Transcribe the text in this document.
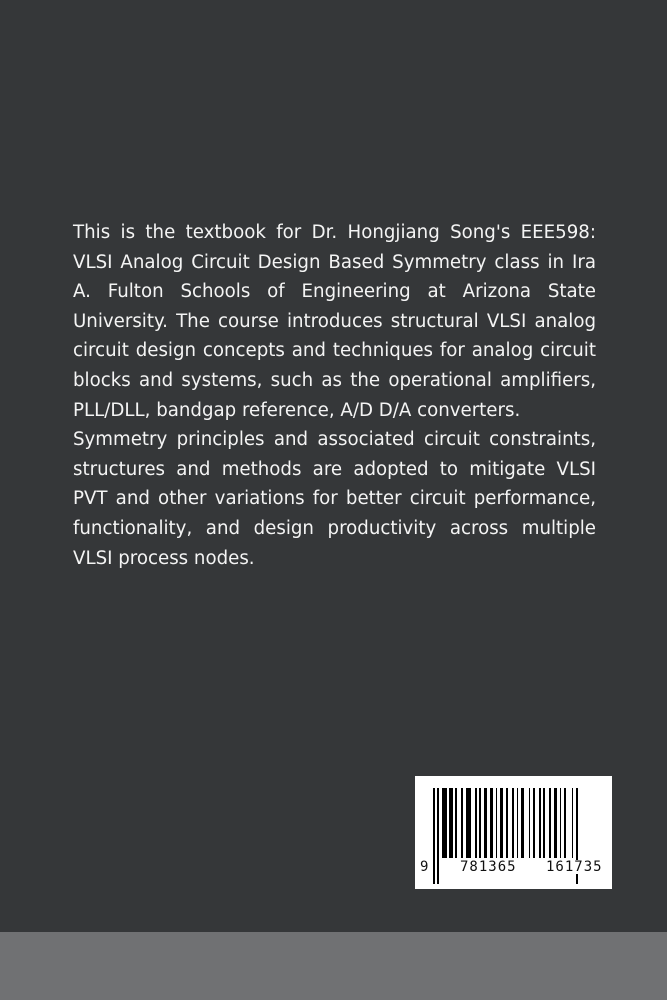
This is the textbook for Dr. Hongjiang Song's EEE598: VLSI Analog Circuit Design Based Symmetry class in Ira A. Fulton Schools of Engineering at Arizona State University. The course introduces structural VLSI analog circuit design concepts and techniques for analog circuit blocks and systems, such as the operational amplifiers, PLL/DLL, bandgap reference, A/D D/A converters.

Symmetry principles and associated circuit constraints, structures and methods are adopted to mitigate VLSI PVT and other variations for better circuit performance, functionality, and design productivity across multiple VLSI process nodes.

9 781365 161735
